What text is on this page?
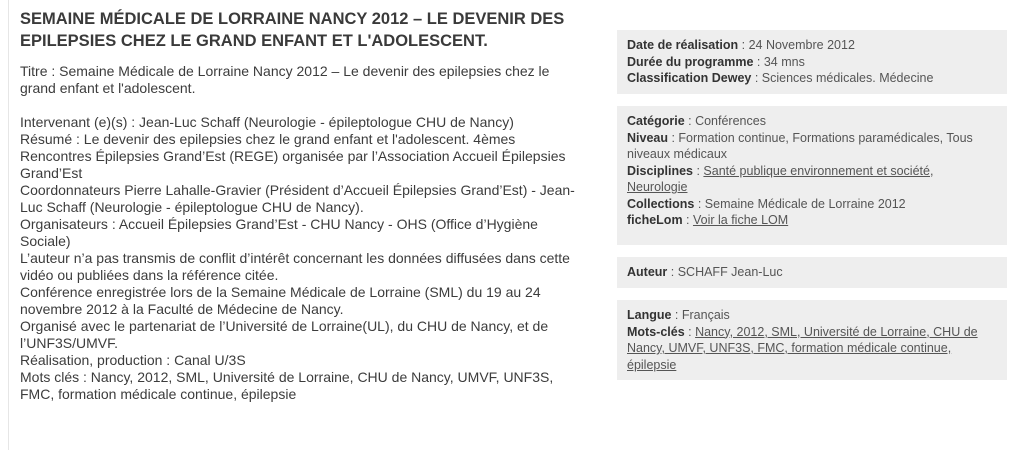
SEMAINE MÉDICALE DE LORRAINE NANCY 2012 – LE DEVENIR DES EPILEPSIES CHEZ LE GRAND ENFANT ET L'ADOLESCENT.
Titre : Semaine Médicale de Lorraine Nancy 2012 – Le devenir des epilepsies chez le grand enfant et l'adolescent.
Intervenant (e)(s) : Jean-Luc Schaff (Neurologie - épileptologue CHU de Nancy)
Résumé : Le devenir des epilepsies chez le grand enfant et l'adolescent. 4èmes Rencontres Épilepsies Grand’Est (REGE) organisée par l’Association Accueil Épilepsies Grand’Est
Coordonnateurs Pierre Lahalle-Gravier (Président d’Accueil Épilepsies Grand’Est) - Jean-Luc Schaff (Neurologie - épileptologue CHU de Nancy).
Organisateurs : Accueil Épilepsies Grand’Est - CHU Nancy - OHS (Office d’Hygiène Sociale)
L’auteur n’a pas transmis de conflit d’intérêt concernant les données diffusées dans cette vidéo ou publiées dans la référence citée.
Conférence enregistrée lors de la Semaine Médicale de Lorraine (SML) du 19 au 24 novembre 2012 à la Faculté de Médecine de Nancy.
Organisé avec le partenariat de l’Université de Lorraine(UL), du CHU de Nancy, et de l’UNF3S/UMVF.
Réalisation, production : Canal U/3S
Mots clés : Nancy, 2012, SML, Université de Lorraine, CHU de Nancy, UMVF, UNF3S, FMC, formation médicale continue, épilepsie
Date de réalisation : 24 Novembre 2012
Durée du programme : 34 mns
Classification Dewey : Sciences médicales. Médecine
Catégorie : Conférences
Niveau : Formation continue, Formations paramédicales, Tous niveaux médicaux
Disciplines : Santé publique environnement et société, Neurologie
Collections : Semaine Médicale de Lorraine 2012
ficheLom : Voir la fiche LOM
Auteur : SCHAFF Jean-Luc
Langue : Français
Mots-clés : Nancy, 2012, SML, Université de Lorraine, CHU de Nancy, UMVF, UNF3S, FMC, formation médicale continue, épilepsie
